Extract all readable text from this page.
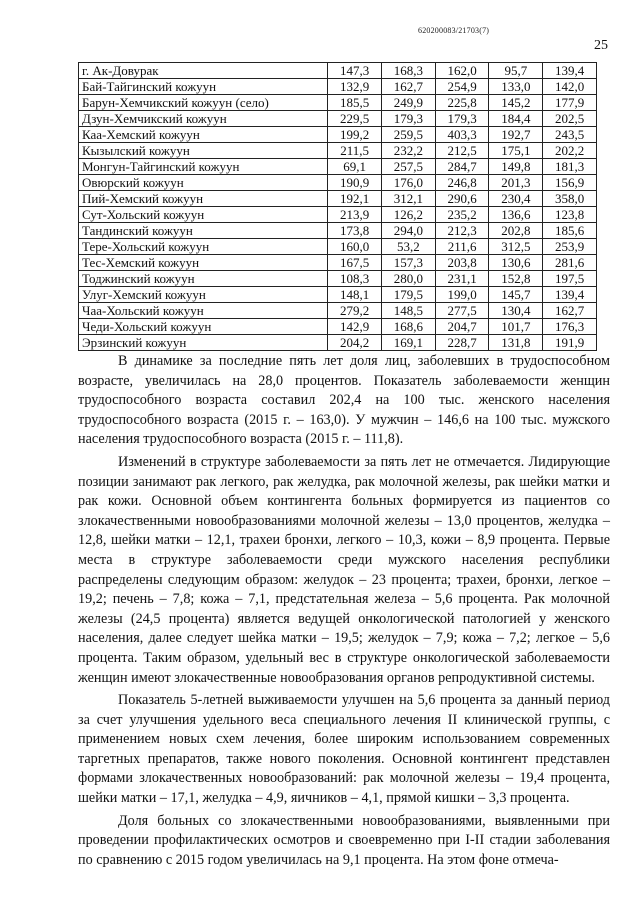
620200083/21703(7)
25
г. Ак-Довурак	147,3	168,3	162,0	95,7	139,4
Бай-Тайгинский кожуун	132,9	162,7	254,9	133,0	142,0
Барун-Хемчикский кожуун (село)	185,5	249,9	225,8	145,2	177,9
Дзун-Хемчикский кожуун	229,5	179,3	179,3	184,4	202,5
Каа-Хемский кожуун	199,2	259,5	403,3	192,7	243,5
Кызылский кожуун	211,5	232,2	212,5	175,1	202,2
Монгун-Тайгинский кожуун	69,1	257,5	284,7	149,8	181,3
Овюрский кожуун	190,9	176,0	246,8	201,3	156,9
Пий-Хемский кожуун	192,1	312,1	290,6	230,4	358,0
Сут-Хольский кожуун	213,9	126,2	235,2	136,6	123,8
Тандинский кожуун	173,8	294,0	212,3	202,8	185,6
Тере-Хольский кожуун	160,0	53,2	211,6	312,5	253,9
Тес-Хемский кожуун	167,5	157,3	203,8	130,6	281,6
Тоджинский кожуун	108,3	280,0	231,1	152,8	197,5
Улуг-Хемский кожуун	148,1	179,5	199,0	145,7	139,4
Чаа-Хольский кожуун	279,2	148,5	277,5	130,4	162,7
Чеди-Хольский кожуун	142,9	168,6	204,7	101,7	176,3
Эрзинский кожуун	204,2	169,1	228,7	131,8	191,9

В динамике за последние пять лет доля лиц, заболевших в трудоспособном возрасте, увеличилась на 28,0 процентов. Показатель заболеваемости женщин трудоспособного возраста составил 202,4 на 100 тыс. женского населения трудоспособного возраста (2015 г. – 163,0). У мужчин – 146,6 на 100 тыс. мужского населения трудоспособного возраста (2015 г. – 111,8).

Изменений в структуре заболеваемости за пять лет не отмечается. Лидирующие позиции занимают рак легкого, рак желудка, рак молочной железы, рак шейки матки и рак кожи. Основной объем контингента больных формируется из пациентов со злокачественными новообразованиями молочной железы – 13,0 процентов, желудка – 12,8, шейки матки – 12,1, трахеи бронхи, легкого – 10,3, кожи – 8,9 процента. Первые места в структуре заболеваемости среди мужского населения республики распределены следующим образом: желудок – 23 процента; трахеи, бронхи, легкое – 19,2; печень – 7,8; кожа – 7,1, предстательная железа – 5,6 процента. Рак молочной железы (24,5 процента) является ведущей онкологической патологией у женского населения, далее следует шейка матки – 19,5; желудок – 7,9; кожа – 7,2; легкое – 5,6 процента. Таким образом, удельный вес в структуре онкологической заболеваемости женщин имеют злокачественные новообразования органов репродуктивной системы.

Показатель 5-летней выживаемости улучшен на 5,6 процента за данный период за счет улучшения удельного веса специального лечения II клинической группы, с применением новых схем лечения, более широким использованием современных таргетных препаратов, также нового поколения. Основной контингент представлен формами злокачественных новообразований: рак молочной железы – 19,4 процента, шейки матки – 17,1, желудка – 4,9, яичников – 4,1, прямой кишки – 3,3 процента.

Доля больных со злокачественными новообразованиями, выявленными при проведении профилактических осмотров и своевременно при I-II стадии заболевания по сравнению с 2015 годом увеличилась на 9,1 процента. На этом фоне отмеча-
